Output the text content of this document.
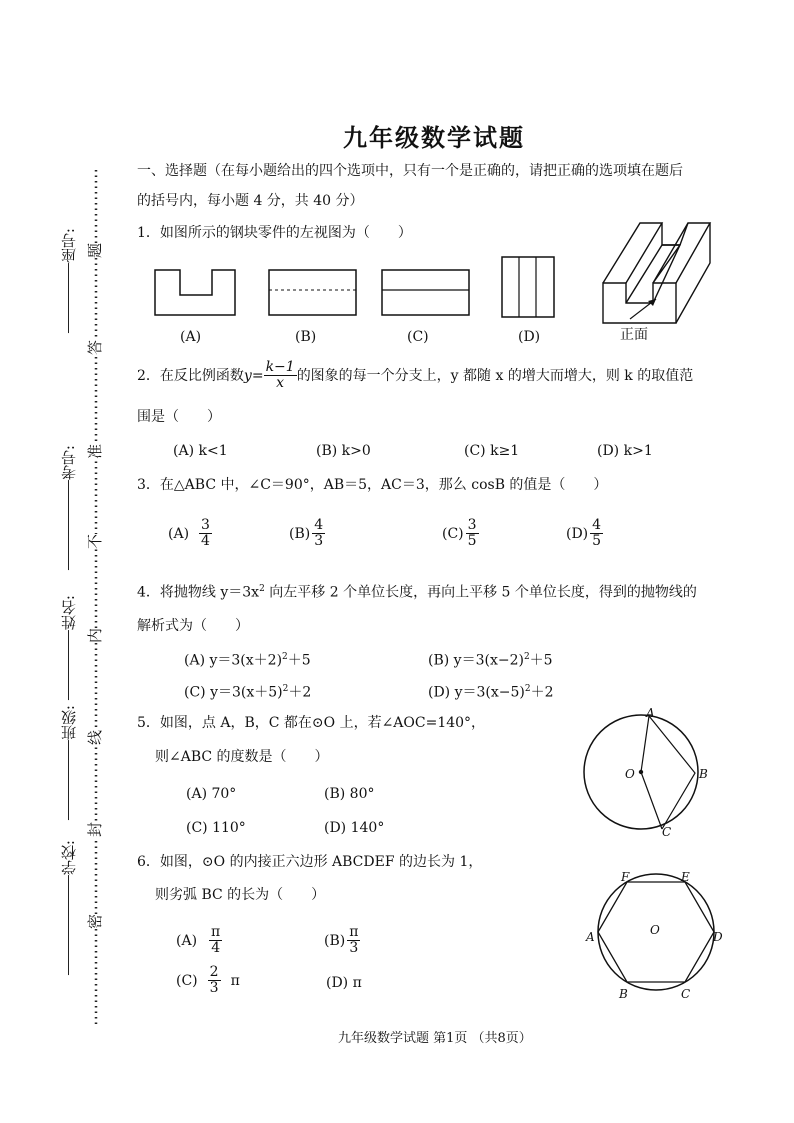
座号:
考号:
姓名:
班级:
学校:
题
答
准
不
内
线
封
密
九年级数学试题
一、选择题（在每小题给出的四个选项中，只有一个是正确的，请把正确的选项填在题后
的括号内，每小题 4 分，共 40 分）
1．如图所示的钢块零件的左视图为（　　）
(A)	(B)	(C)	(D)	正面
2．在反比例函数 $y= \frac{k-1}{x}$ 的图象的每一个分支上，y 都随 x 的增大而增大，则 k 的取值范
围是（　　）
(A) k<1	(B) k>0	(C) k≥1	(D) k>1
3．在△ABC 中，∠C＝90°，AB＝5，AC＝3，那么 cosB 的值是（　　）
$(A) \frac{3}{4}$	$(B) \frac{4}{3}$	$(C) \frac{3}{5}$	$(D) \frac{4}{5}$
4．将抛物线 $y=3x^2$ 向左平移 2 个单位长度，再向上平移 5 个单位长度，得到的抛物线的
解析式为（　　）
(A) $y=3(x+2)^2+5$	(B) $y=3(x-2)^2+5$
(C) $y=3(x+5)^2+2$	(D) $y=3(x-5)^2+2$
5．如图，点 A，B，C 都在⊙O 上，若∠AOC=140°，
则∠ABC 的度数是（　　）
(A) 70°	(B) 80°
(C) 110°	(D) 140°
A
O	B
C
6．如图，⊙O 的内接正六边形 ABCDEF 的边长为 1，
则劣弧 BC 的长为（　　）
$(A) \frac{\pi}{4}$	$(B) \frac{\pi}{3}$
$(C) \frac{2}{3}$ π	(D) π
F	E
A	O	D
B	C
九年级数学试题 第1页 （共8页）
